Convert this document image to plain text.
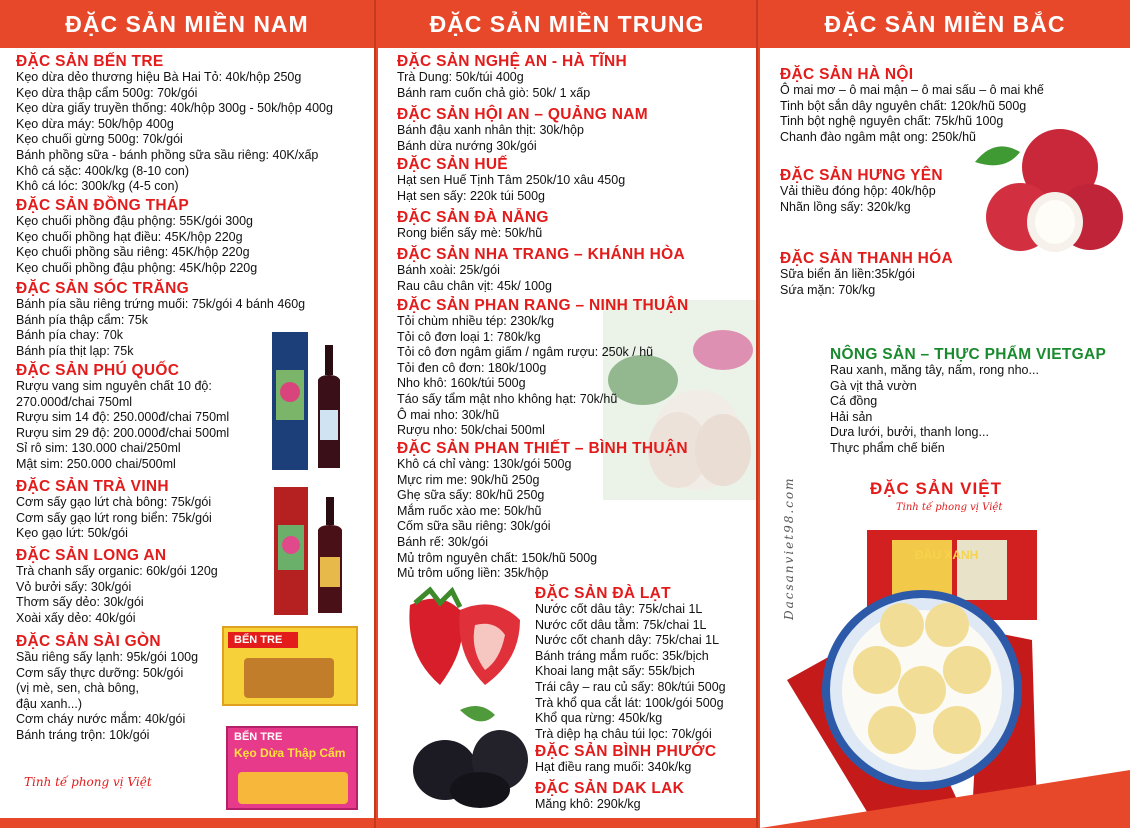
ĐẶC SẢN MIỀN NAM
ĐẶC SẢN BẾN TRE
Kẹo dừa dẻo thương hiệu Bà Hai Tỏ: 40k/hộp 250g
Kẹo dừa thập cẩm 500g: 70k/gói
Kẹo dừa giấy truyền thống: 40k/hộp 300g - 50k/hộp 400g
Kẹo dừa máy: 50k/hộp 400g
Kẹo chuối gừng 500g: 70k/gói
Bánh phồng sữa - bánh phồng sữa sầu riêng: 40K/xấp
Khô cá sặc: 400k/kg (8-10 con)
Khô cá lóc: 300k/kg (4-5 con)
ĐẶC SẢN ĐỒNG THÁP
Kẹo chuối phồng đậu phộng: 55K/gói 300g
Kẹo chuối phồng hạt điều: 45K/hộp 220g
Kẹo chuối phồng sầu riêng: 45K/hộp 220g
Kẹo chuối phồng đậu phộng: 45K/hộp 220g
ĐẶC SẢN SÓC TRĂNG
Bánh pía sầu riêng trứng muối: 75k/gói 4 bánh 460g
Bánh pía thập cẩm: 75k
Bánh pía chay: 70k
Bánh pía thịt lạp: 75k
ĐẶC SẢN PHÚ QUỐC
Rượu vang sim nguyên chất 10 độ:
270.000đ/chai 750ml
Rượu sim 14 độ: 250.000đ/chai 750ml
Rượu sim 29 độ: 200.000đ/chai 500ml
Sỉ rô sim: 130.000 chai/250ml
Mật sim: 250.000 chai/500ml
ĐẶC SẢN TRÀ VINH
Cơm sấy gạo lứt chà bông: 75k/gói
Cơm sấy gạo lứt rong biển: 75k/gói
Kẹo gạo lứt: 50k/gói
ĐẶC SẢN LONG AN
Trà chanh sấy organic: 60k/gói 120g
Vỏ bưởi sấy: 30k/gói
Thơm sấy dẻo: 30k/gói
Xoài xấy dẻo: 40k/gói
ĐẶC SẢN SÀI GÒN
Sầu riêng sấy lạnh: 95k/gói 100g
Cơm sấy thực dưỡng: 50k/gói
(vị mè, sen, chà bông,
đậu xanh...)
Cơm cháy nước mắm: 40k/gói
Bánh tráng trộn: 10k/gói
BẾN TRE
BẾN TRE
Kẹo Dừa Thập Cẩm
Tinh tế phong vị Việt
ĐẶC SẢN MIỀN TRUNG
ĐẶC SẢN NGHỆ AN - HÀ TĨNH
Trà Dung: 50k/túi 400g
Bánh ram cuốn chả giò: 50k/ 1 xấp
ĐẶC SẢN HỘI AN – QUẢNG NAM
Bánh đậu xanh nhân thịt: 30k/hộp
Bánh dừa nướng 30k/gói
ĐẶC SẢN HUẾ
Hạt sen Huế Tịnh Tâm 250k/10 xâu 450g
Hạt sen sấy: 220k túi 500g
ĐẶC SẢN ĐÀ NẴNG
Rong biển sấy mè: 50k/hũ
ĐẶC SẢN NHA TRANG – KHÁNH HÒA
Bánh xoài: 25k/gói
Rau câu chân vịt: 45k/ 100g
ĐẶC SẢN PHAN RANG – NINH THUẬN
Tỏi chùm nhiều tép: 230k/kg
Tỏi cô đơn loại 1: 780k/kg
Tỏi cô đơn ngâm giấm / ngâm rượu: 250k / hũ
Tỏi đen cô đơn: 180k/100g
Nho khô: 160k/túi 500g
Táo sấy tẩm mật nho không hạt: 70k/hũ
Ô mai nho: 30k/hũ
Rượu nho: 50k/chai 500ml
ĐẶC SẢN PHAN THIẾT – BÌNH THUẬN
Khô cá chỉ vàng: 130k/gói 500g
Mực rim me: 90k/hũ 250g
Ghẹ sữa sấy: 80k/hũ 250g
Mắm ruốc xào me: 50k/hũ
Cốm sữa sầu riêng: 30k/gói
Bánh rế: 30k/gói
Mủ trôm nguyên chất: 150k/hũ 500g
Mủ trôm uống liền: 35k/hộp
ĐẶC SẢN ĐÀ LẠT
Nước cốt dâu tây: 75k/chai 1L
Nước cốt dâu tằm: 75k/chai 1L
Nước cốt chanh dây: 75k/chai 1L
Bánh tráng mắm ruốc: 35k/bịch
Khoai lang mật sấy: 55k/bịch
Trái cây – rau củ sấy: 80k/túi 500g
Trà khổ qua cắt lát: 100k/gói 500g
Khổ qua rừng: 450k/kg
Trà diệp hạ châu túi lọc: 70k/gói
ĐẶC SẢN BÌNH PHƯỚC
Hạt điều rang muối: 340k/kg
ĐẶC SẢN DAK LAK
Măng khô: 290k/kg
ĐẶC SẢN MIỀN BẮC
ĐẶC SẢN HÀ NỘI
Ô mai mơ – ô mai mận – ô mai sấu – ô mai khế
Tinh bột sắn dây nguyên chất: 120k/hũ 500g
Tinh bột nghệ nguyên chất: 75k/hũ 100g
Chanh đào ngâm mật ong: 250k/hũ
ĐẶC SẢN HƯNG YÊN
Vải thiều đóng hộp: 40k/hộp
Nhãn lồng sấy: 320k/kg
ĐẶC SẢN THANH HÓA
Sữa biển ăn liền:35k/gói
Sứa mặn: 70k/kg
NÔNG SẢN – THỰC PHẨM VIETGAP
Rau xanh, măng tây, nấm, rong nho...
Gà vịt thả vườn
Cá đồng
Hải sản
Dưa lưới, bưởi, thanh long...
Thực phẩm chế biến
Dacsanviet98.com	ĐẶC SẢN VIỆT
Tinh tế phong vị Việt
ĐẬU XANH
